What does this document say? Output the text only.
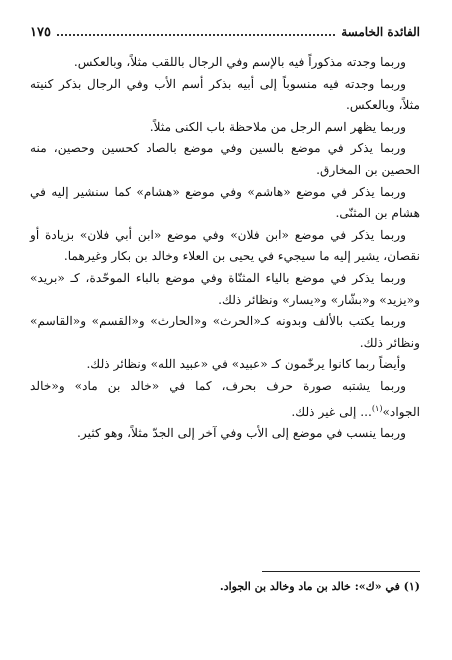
١٧٥	الفائدة الخامسة

وربما وجدته مذكوراً فيه بالإسم وفي الرجال باللقب مثلاً، وبالعكس.

وربما وجدته فيه منسوباً إلى أبيه بذكر أسم الأب وفي الرجال بذكر كنيته مثلاً، وبالعكس.

وربما يظهر اسم الرجل من ملاحظة باب الكنى مثلاً.

وربما يذكر في موضع بالسين وفي موضع بالصاد كحسين وحصين، منه الحصين بن المخارق.

وربما يذكر في موضع «هاشم» وفي موضع «هشام» كما سنشير إليه في هشام بن المثنّى.

وربما يذكر في موضع «ابن فلان» وفي موضع «ابن أبي فلان» بزيادة أو نقصان، يشير إليه ما سيجيء في يحيى بن العلاء وخالد بن بكار وغيرهما.

وربما يذكر في موضع بالياء المثنّاة وفي موضع بالباء الموحّدة، كـ «بريد» و«يزيد» و«بشّار» و«يسار» ونظائر ذلك.

وربما يكتب بالألف وبدونه كـ«الحرث» و«الحارث» و«القسم» و«القاسم» ونظائر ذلك.

وأيضاً ربما كانوا يرخّمون كـ «عبيد» في «عبيد الله» ونظائر ذلك.

وربما يشتبه صورة حرف بحرف، كما في «خالد بن ماد» و«خالد الجواد»$^{(١)}$... إلى غير ذلك.

وربما ينسب في موضع إلى الأب وفي آخر إلى الجدّ مثلاً، وهو كثير.

(١) في «ك»: خالد بن ماد وخالد بن الجواد.
